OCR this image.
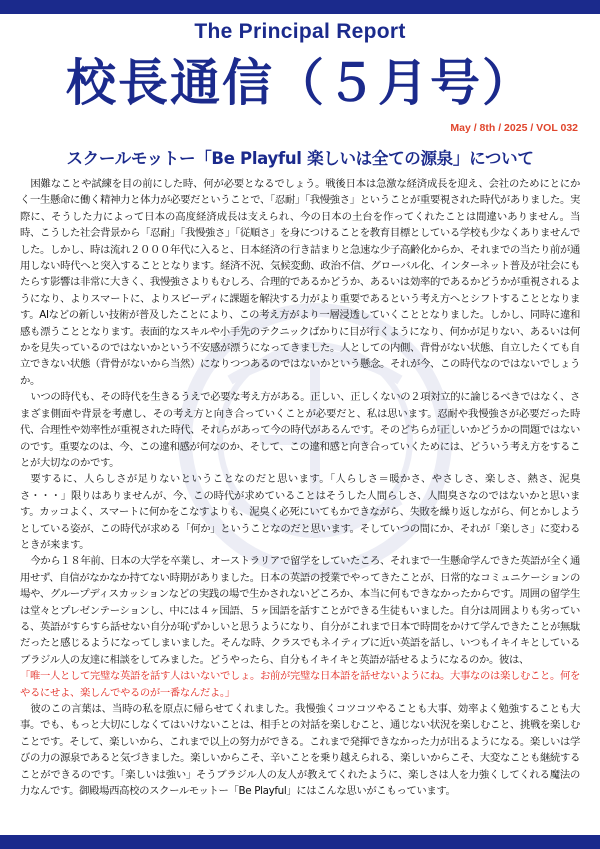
The Principal Report
校長通信（５月号）
May / 8th / 2025 / VOL 032
スクールモットー「Be Playful 楽しいは全ての源泉」について

困難なことや試練を目の前にした時、何が必要となるでしょう。戦後日本は急激な経済成長を迎え、会社のためにとにかく一生懸命に働く精神力と体力が必要だということで、「忍耐」「我慢強さ」ということが重要視された時代がありました。実際に、そうした力によって日本の高度経済成長は支えられ、今の日本の土台を作ってくれたことは間違いありません。当時、こうした社会背景から「忍耐」「我慢強さ」「従順さ」を身につけることを教育目標としている学校も少なくありませんでした。しかし、時は流れ２０００年代に入ると、日本経済の行き詰まりと急速な少子高齢化からか、それまでの当たり前が通用しない時代へと突入することとなります。経済不況、気候変動、政治不信、グローバル化、インターネット普及が社会にもたらす影響は非常に大きく、我慢強さよりもむしろ、合理的であるかどうか、あるいは効率的であるかどうかが重視されるようになり、よりスマートに、よりスピーディに課題を解決する力がより重要であるという考え方へとシフトすることとなります。AIなどの新しい技術が普及したことにより、この考え方がより一層浸透していくこととなりました。しかし、同時に違和感も漂うこととなります。表面的なスキルや小手先のテクニックばかりに目が行くようになり、何かが足りない、あるいは何かを見失っているのではないかという不安感が漂うになってきました。人としての内側、背骨がない状態、自立したくても自立できない状態（背骨がないから当然）になりつつあるのではないかという懸念。それが今、この時代なのではないでしょうか。

いつの時代も、その時代を生きるうえで必要な考え方がある。正しい、正しくないの２項対立的に論じるべきではなく、さまざま側面や背景を考慮し、その考え方と向き合っていくことが必要だと、私は思います。忍耐や我慢強さが必要だった時代、合理性や効率性が重視された時代、それらがあって今の時代があるんです。そのどちらが正しいかどうかの問題ではないのです。重要なのは、今、この違和感が何なのか、そして、この違和感と向き合っていくためには、どういう考え方をすることが大切なのかです。

要するに、人らしさが足りないということなのだと思います。「人らしさ＝暖かさ、やさしさ、楽しさ、熱さ、泥臭さ・・・」限りはありませんが、今、この時代が求めていることはそうした人間らしさ、人間臭さなのではないかと思います。カッコよく、スマートに何かをこなすよりも、泥臭く必死にいてもかできながら、失敗を繰り返しながら、何とかしようとしている姿が、この時代が求める「何か」ということなのだと思います。そしていつの間にか、それが「楽しさ」に変わるときが来ます。

今から１８年前、日本の大学を卒業し、オーストラリアで留学をしていたころ、それまで一生懸命学んできた英語が全く通用せず、自信がなかなか持てない時期がありました。日本の英語の授業でやってきたことが、日常的なコミュニケーションの場や、グループディスカッションなどの実践の場で生かされないどころか、本当に何もできなかったからです。周囲の留学生は堂々とプレゼンテーションし、中には４ヶ国語、５ヶ国語を話すことができる生徒もいました。自分は周囲よりも劣っている、英語がすらすら話せない自分が恥ずかしいと思うようになり、自分がこれまで日本で時間をかけて学んできたことが無駄だったと感じるようになってしまいました。そんな時、クラスでもネイティブに近い英語を話し、いつもイキイキとしているブラジル人の友達に相談をしてみました。どうやったら、自分もイキイキと英語が話せるようになるのか。彼は、

「唯一人として完璧な英語を話す人はいないでしょ。お前が完璧な日本語を話せないようにね。大事なのは楽しむこと。何をやるにせよ、楽しんでやるのが一番なんだよ。」

彼のこの言葉は、当時の私を原点に帰らせてくれました。我慢強くコツコツやることも大事、効率よく勉強することも大事。でも、もっと大切にしなくてはいけないことは、相手との対話を楽しむこと、通じない状況を楽しむこと、挑戦を楽しむことです。そして、楽しいから、これまで以上の努力ができる。これまで発揮できなかった力が出るようになる。楽しいは学びの力の源泉であると気づきました。楽しいからこそ、辛いことを乗り越えられる、楽しいからこそ、大変なことも継続することができるのです。「楽しいは強い」そうブラジル人の友人が教えてくれたように、楽しさは人を力強くしてくれる魔法の力なんです。御殿場西高校のスクールモットー「Be Playful」にはこんな思いがこもっています。
